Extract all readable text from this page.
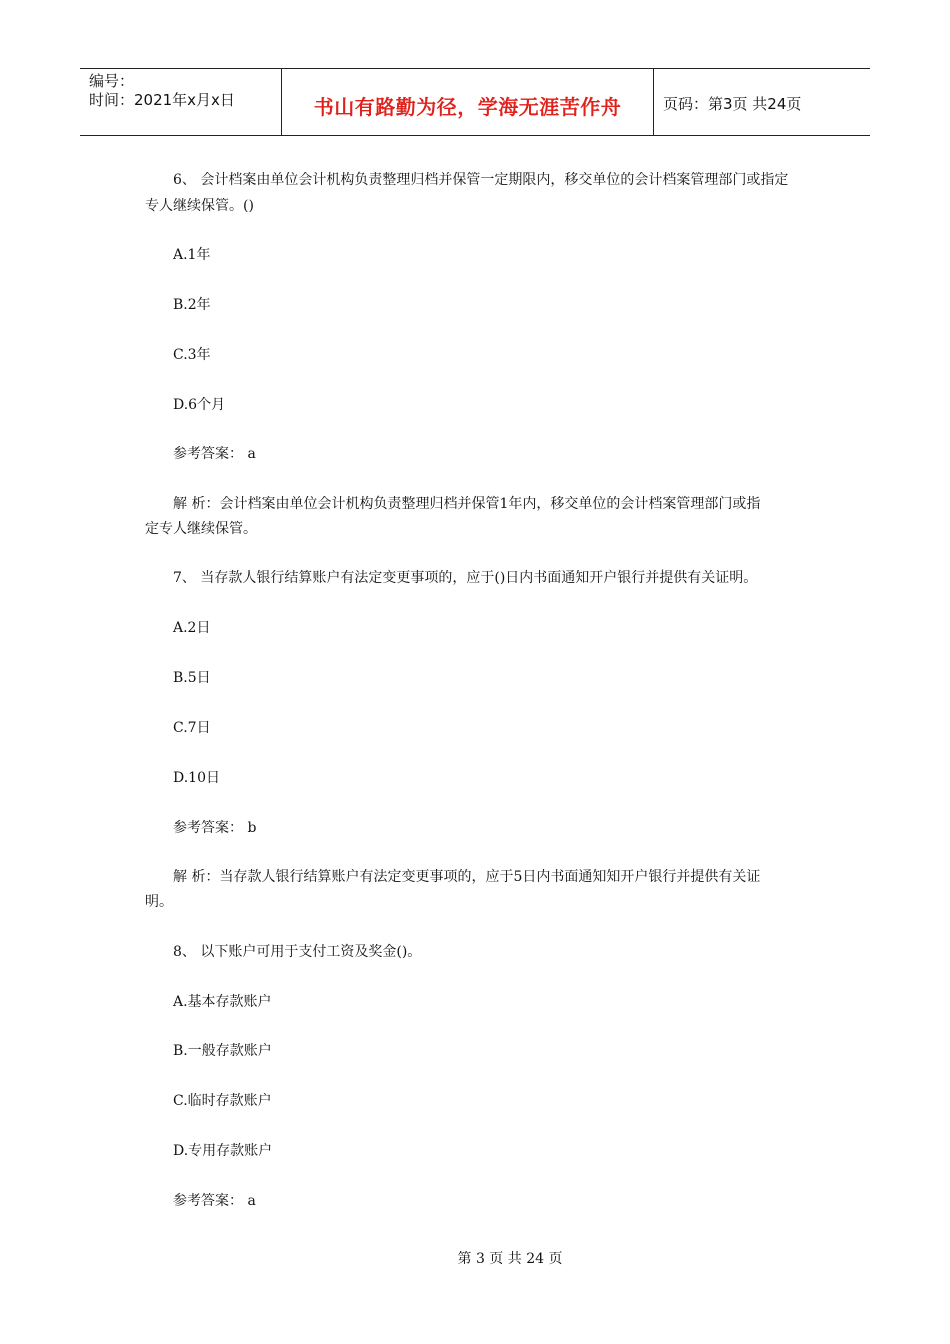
编号：
时间：2021年x月x日	书山有路勤为径，学海无涯苦作舟	页码：第3页 共24页
6、 会计档案由单位会计机构负责整理归档并保管一定期限内，移交单位的会计档案管理部门或指定
专人继续保管。()
A.1年
B.2年
C.3年
D.6个月
参考答案： a
解 析：会计档案由单位会计机构负责整理归档并保管1年内，移交单位的会计档案管理部门或指
定专人继续保管。
7、 当存款人银行结算账户有法定变更事项的，应于()日内书面通知开户银行并提供有关证明。
A.2日
B.5日
C.7日
D.10日
参考答案： b
解 析：当存款人银行结算账户有法定变更事项的，应于5日内书面通知知开户银行并提供有关证
明。
8、 以下账户可用于支付工资及奖金()。
A.基本存款账户
B.一般存款账户
C.临时存款账户
D.专用存款账户
参考答案： a
第 3 页 共 24 页
